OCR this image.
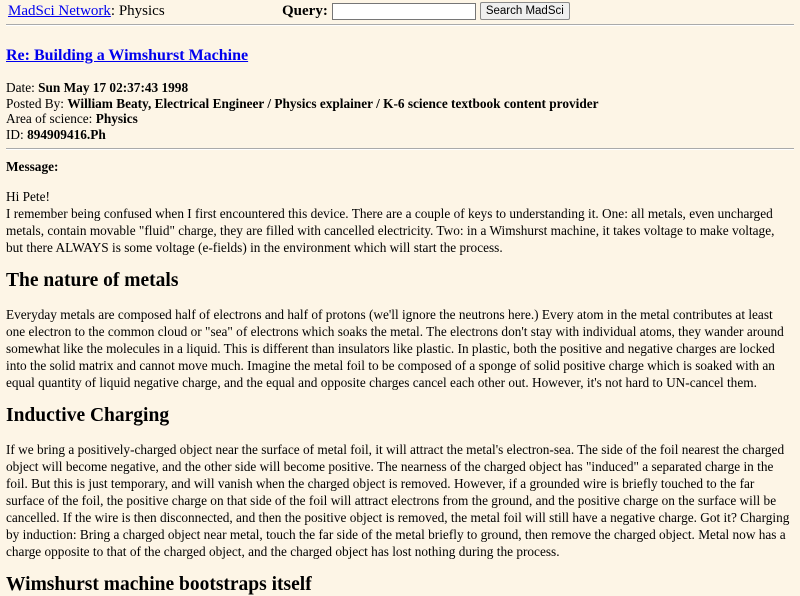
MadSci Network: Physics	Query:	Search MadSci
Re: Building a Wimshurst Machine
Date: Sun May 17 02:37:43 1998
Posted By: William Beaty, Electrical Engineer / Physics explainer / K-6 science textbook content provider
Area of science: Physics
ID: 894909416.Ph
Message:
Hi Pete!

I remember being confused when I first encountered this device. There are a couple of keys to understanding it. One: all metals, even uncharged metals, contain movable "fluid" charge, they are filled with cancelled electricity. Two: in a Wimshurst machine, it takes voltage to make voltage, but there ALWAYS is some voltage (e-fields) in the environment which will start the process.

The nature of metals

Everyday metals are composed half of electrons and half of protons (we'll ignore the neutrons here.) Every atom in the metal contributes at least one electron to the common cloud or "sea" of electrons which soaks the metal. The electrons don't stay with individual atoms, they wander around somewhat like the molecules in a liquid. This is different than insulators like plastic. In plastic, both the positive and negative charges are locked into the solid matrix and cannot move much. Imagine the metal foil to be composed of a sponge of solid positive charge which is soaked with an equal quantity of liquid negative charge, and the equal and opposite charges cancel each other out. However, it's not hard to UN-cancel them.

Inductive Charging

If we bring a positively-charged object near the surface of metal foil, it will attract the metal's electron-sea. The side of the foil nearest the charged object will become negative, and the other side will become positive. The nearness of the charged object has "induced" a separated charge in the foil. But this is just temporary, and will vanish when the charged object is removed. However, if a grounded wire is briefly touched to the far surface of the foil, the positive charge on that side of the foil will attract electrons from the ground, and the positive charge on the surface will be cancelled. If the wire is then disconnected, and then the positive object is removed, the metal foil will still have a negative charge. Got it? Charging by induction: Bring a charged object near metal, touch the far side of the metal briefly to ground, then remove the charged object. Metal now has a charge opposite to that of the charged object, and the charged object has lost nothing during the process.

Wimshurst machine bootstraps itself
